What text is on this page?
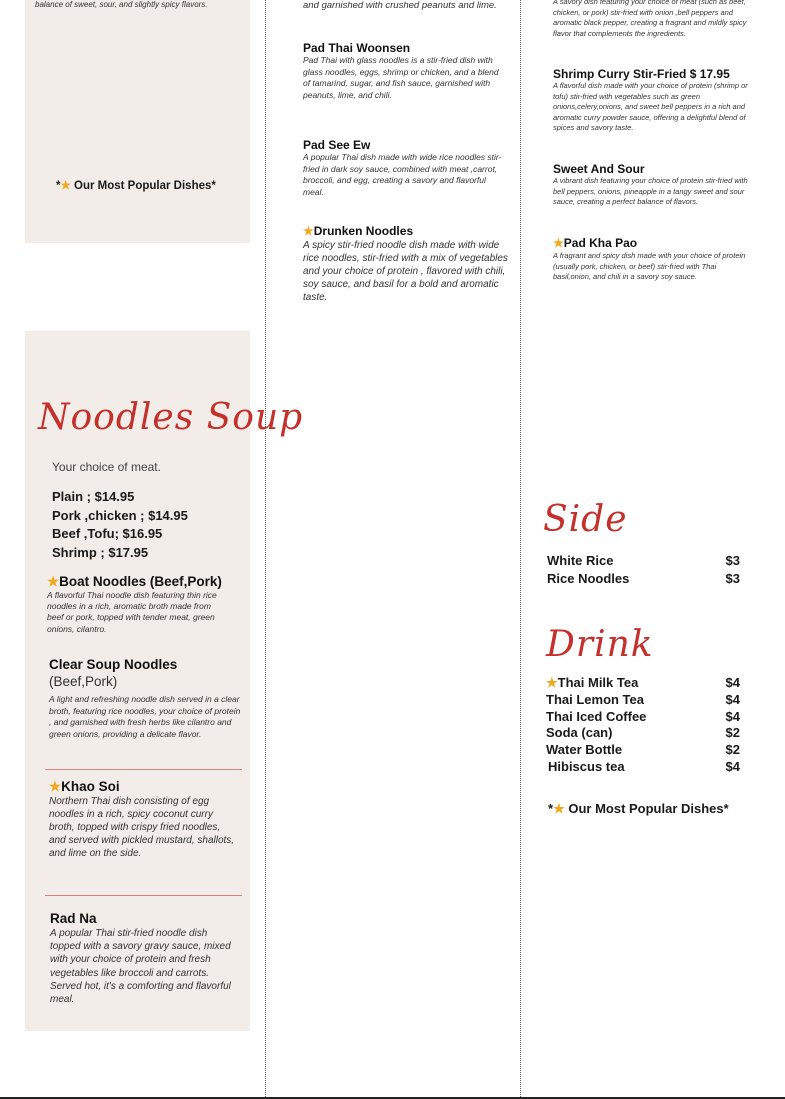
balance of sweet, sour, and slightly spicy flavors.
*★ Our Most Popular Dishes*
and garnished with crushed peanuts and lime.
Pad Thai Woonsen
Pad Thai with glass noodles is a stir-fried dish with glass noodles, eggs, shrimp or chicken, and a blend of tamarind, sugar, and fish sauce, garnished with peanuts, lime, and chili.
Pad See Ew
A popular Thai dish made with wide rice noodles stir-fried in dark soy sauce, combined with meat ,carrot, broccoli, and egg, creating a savory and flavorful meal.
★Drunken Noodles
A spicy stir-fried noodle dish made with wide rice noodles, stir-fried with a mix of vegetables and your choice of protein , flavored with chili, soy sauce, and basil for a bold and aromatic taste.
A savory dish featuring your choice of meat (such as beef, chicken, or pork) stir-fried with onion ,bell peppers and aromatic black pepper, creating a fragrant and mildly spicy flavor that complements the ingredients.
Shrimp Curry Stir-Fried $ 17.95
A flavorful dish made with your choice of protein (shrimp or tofu) stir-fried with vegetables such as green onions,celery,onions, and sweet bell peppers in a rich and aromatic curry powder sauce, offering a delightful blend of spices and savory taste.
Sweet And Sour
A vibrant dish featuring your choice of protein stir-fried with bell peppers, onions, pineapple in a tangy sweet and sour sauce, creating a perfect balance of flavors.
★Pad Kha Pao
A fragrant and spicy dish made with your choice of protein (usually pork, chicken, or beef) stir-fried with Thai basil,onion, and chili in a savory soy sauce.
Noodles Soup
Your choice of meat.
Plain ; $14.95
Pork ,chicken ; $14.95
Beef ,Tofu; $16.95
Shrimp ; $17.95
★Boat Noodles (Beef,Pork)
A flavorful Thai noodle dish featuring thin rice noodles in a rich, aromatic broth made from beef or pork, topped with tender meat, green onions, cilantro.
Clear Soup Noodles
(Beef,Pork)
A light and refreshing noodle dish served in a clear broth, featuring rice noodles, your choice of protein , and garnished with fresh herbs like cilantro and green onions, providing a delicate flavor.
★Khao Soi
Northern Thai dish consisting of egg noodles in a rich, spicy coconut curry broth, topped with crispy fried noodles, and served with pickled mustard, shallots, and lime on the side.
Rad Na
A popular Thai stir-fried noodle dish topped with a savory gravy sauce, mixed with your choice of protein and fresh vegetables like broccoli and carrots. Served hot, it's a comforting and flavorful meal.
Side
White Rice	$3
Rice Noodles	$3
Drink
★Thai Milk Tea	$4
Thai Lemon Tea	$4
Thai Iced Coffee	$4
Soda (can)	$2
Water Bottle	$2
Hibiscus tea	$4
*★ Our Most Popular Dishes*
